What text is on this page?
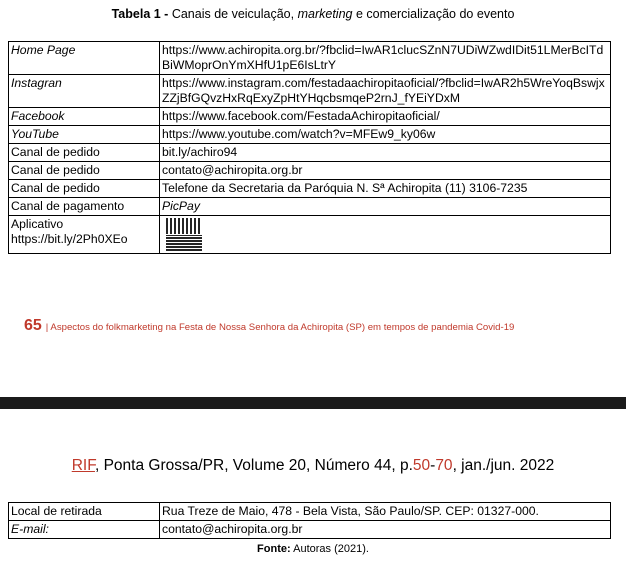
Tabela 1 - Canais de veiculação, marketing e comercialização do evento
Home Page	https://www.achiropita.org.br/?fbclid=IwAR1clucSZnN7UDiWZwdIDit51LMerBcITdBiWMoprOnYmXHfU1pE6IsLtrY
Instagran	https://www.instagram.com/festadaachiropitaoficial/?fbclid=IwAR2h5WreYoqBswjxZZjBfGQvzHxRqExyZpHtYHqcbsmqeP2rnJ_fYEiYDxM
Facebook	https://www.facebook.com/FestadaAchiropitaoficial/
YouTube	https://www.youtube.com/watch?v=MFEw9_ky06w
Canal de pedido	bit.ly/achiro94
Canal de pedido	contato@achiropita.org.br
Canal de pedido	Telefone da Secretaria da Paróquia N. Sª Achiropita (11) 3106-7235
Canal de pagamento	PicPay

Aplicativo
https://bit.ly/2Ph0XEo	

65 | Aspectos do folkmarketing na Festa de Nossa Senhora da Achiropita (SP) em tempos de pandemia Covid-19
RIF, Ponta Grossa/PR, Volume 20, Número 44, p.50-70, jan./jun. 2022
Local de retirada	Rua Treze de Maio, 478 - Bela Vista, São Paulo/SP. CEP: 01327-000.
E-mail:	contato@achiropita.org.br
Fonte: Autoras (2021).
